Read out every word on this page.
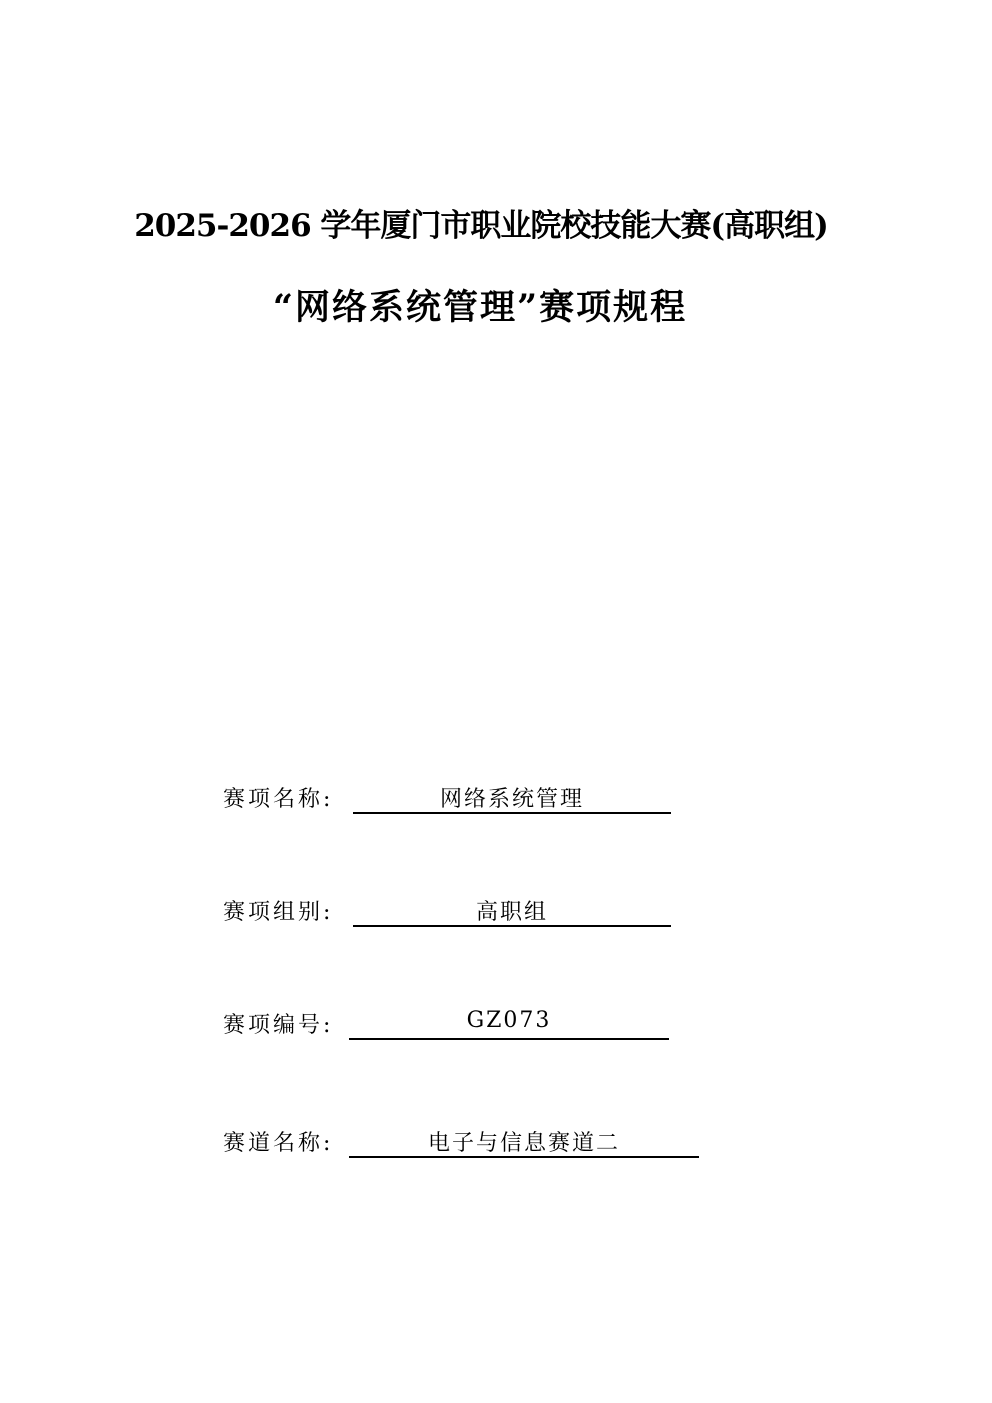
2025-2026 学年厦门市职业院校技能大赛(高职组)
“网络系统管理”赛项规程
赛项名称:	网络系统管理
赛项组别:	高职组
赛项编号:	GZ073
赛道名称:	电子与信息赛道二
